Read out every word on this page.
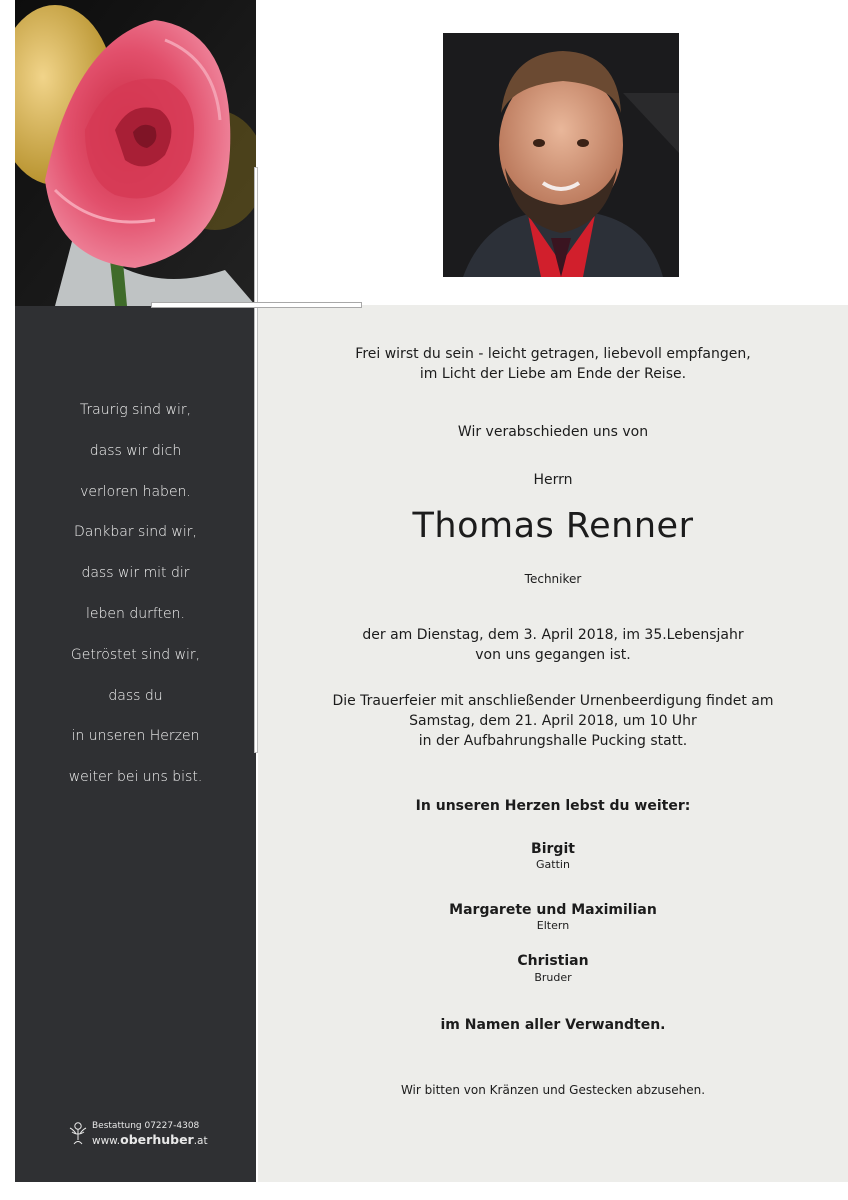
Traurig sind wir,
dass wir dich
verloren haben.
Dankbar sind wir,
dass wir mit dir
leben durften.
Getröstet sind wir,
dass du
in unseren Herzen
weiter bei uns bist.
Bestattung 07227-4308
www.oberhuber.at
Frei wirst du sein - leicht getragen, liebevoll empfangen,
im Licht der Liebe am Ende der Reise.
Wir verabschieden uns von
Herrn
Thomas Renner
Techniker
der am Dienstag, dem 3. April 2018, im 35.Lebensjahr
von uns gegangen ist.
Die Trauerfeier mit anschließender Urnenbeerdigung findet am
Samstag, dem 21. April 2018, um 10 Uhr
in der Aufbahrungshalle Pucking statt.
In unseren Herzen lebst du weiter:
Birgit
Gattin
Margarete und Maximilian
Eltern
Christian
Bruder
im Namen aller Verwandten.
Wir bitten von Kränzen und Gestecken abzusehen.
